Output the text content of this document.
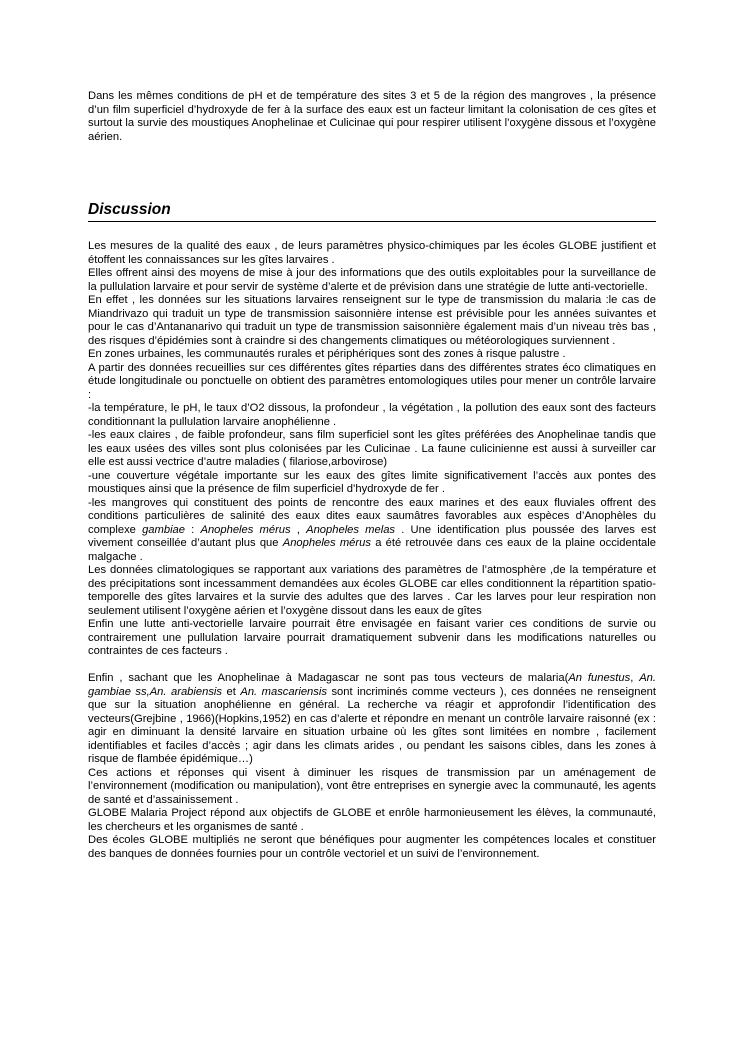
Dans les mêmes conditions de pH et de température des sites 3 et 5 de la région des mangroves , la présence d’un film superficiel d’hydroxyde de fer à la surface des eaux est un facteur limitant la colonisation de ces gîtes et surtout la survie des moustiques Anophelinae et Culicinae qui pour respirer utilisent l’oxygène dissous et l’oxygène aérien.

Discussion

Les mesures de la qualité des eaux , de leurs paramètres physico-chimiques par les écoles GLOBE justifient et étoffent les connaissances sur les gîtes larvaires .

Elles offrent ainsi des moyens de mise à jour des informations que des outils exploitables pour la surveillance de la pullulation larvaire et pour servir de système d’alerte et de prévision dans une stratégie de lutte anti-vectorielle.

En effet , les données sur les situations larvaires renseignent sur le type de transmission du malaria :le cas de Miandrivazo qui traduit un type de transmission saisonnière intense est prévisible pour les années suivantes et pour le cas d’Antananarivo qui traduit un type de transmission saisonnière également mais d’un niveau très bas , des risques d’épidémies sont à craindre si des changements climatiques ou météorologiques surviennent .

En zones urbaines, les communautés rurales et périphériques sont des zones à risque palustre .

A partir des données recueillies sur ces différentes gîtes réparties dans des différentes strates éco climatiques en étude longitudinale ou ponctuelle on obtient des paramètres entomologiques utiles pour mener un contrôle larvaire :

-la température, le pH, le taux d’O2 dissous, la profondeur , la végétation , la pollution des eaux sont des facteurs conditionnant la pullulation larvaire anophélienne .

-les eaux claires , de faible profondeur, sans film superficiel sont les gîtes préférées des Anophelinae tandis que les eaux usées des villes sont plus colonisées par les Culicinae . La faune culicinienne est aussi à surveiller car elle est aussi vectrice d’autre maladies ( filariose,arbovirose)

-une couverture végétale importante sur les eaux des gîtes limite significativement l’accès aux pontes des moustiques ainsi que la présence de film superficiel d’hydroxyde de fer .

-les mangroves qui constituent des points de rencontre des eaux marines et des eaux fluviales offrent des conditions particulières de salinité des eaux dites eaux saumâtres favorables aux espèces d’Anophèles du complexe gambiae : Anopheles mérus , Anopheles melas . Une identification plus poussée des larves est vivement conseillée d’autant plus que Anopheles mérus a été retrouvée dans ces eaux de la plaine occidentale malgache .

Les données climatologiques se rapportant aux variations des paramètres de l’atmosphère ,de la température et des précipitations sont incessamment demandées aux écoles GLOBE car elles conditionnent la répartition spatio-temporelle des gîtes larvaires et la survie des adultes que des larves . Car les larves pour leur respiration non seulement utilisent l’oxygène aérien et l’oxygène dissout dans les eaux de gîtes

Enfin une lutte anti-vectorielle larvaire pourrait être envisagée en faisant varier ces conditions de survie ou contrairement une pullulation larvaire pourrait dramatiquement subvenir dans les modifications naturelles ou contraintes de ces facteurs .

Enfin , sachant que les Anophelinae à Madagascar ne sont pas tous vecteurs de malaria(An funestus, An. gambiae ss,An. arabiensis et An. mascariensis sont incriminés comme vecteurs ), ces données ne renseignent que sur la situation anophélienne en général. La recherche va réagir et approfondir l’identification des vecteurs(Grejbine , 1966)(Hopkins,1952) en cas d’alerte et répondre en menant un contrôle larvaire raisonné (ex : agir en diminuant la densité larvaire en situation urbaine où les gîtes sont limitées en nombre , facilement identifiables et faciles d’accès ; agir dans les climats arides , ou pendant les saisons cibles, dans les zones à risque de flambée épidémique…)

Ces actions et réponses qui visent à diminuer les risques de transmission par un aménagement de l’environnement (modification ou manipulation), vont être entreprises en synergie avec la communauté, les agents de santé et d’assainissement .

GLOBE Malaria Project répond aux objectifs de GLOBE et enrôle harmonieusement les élèves, la communauté, les chercheurs et les organismes de santé .

Des écoles GLOBE multipliés ne seront que bénéfiques pour augmenter les compétences locales et constituer des banques de données fournies pour un contrôle vectoriel et un suivi de l’environnement.
